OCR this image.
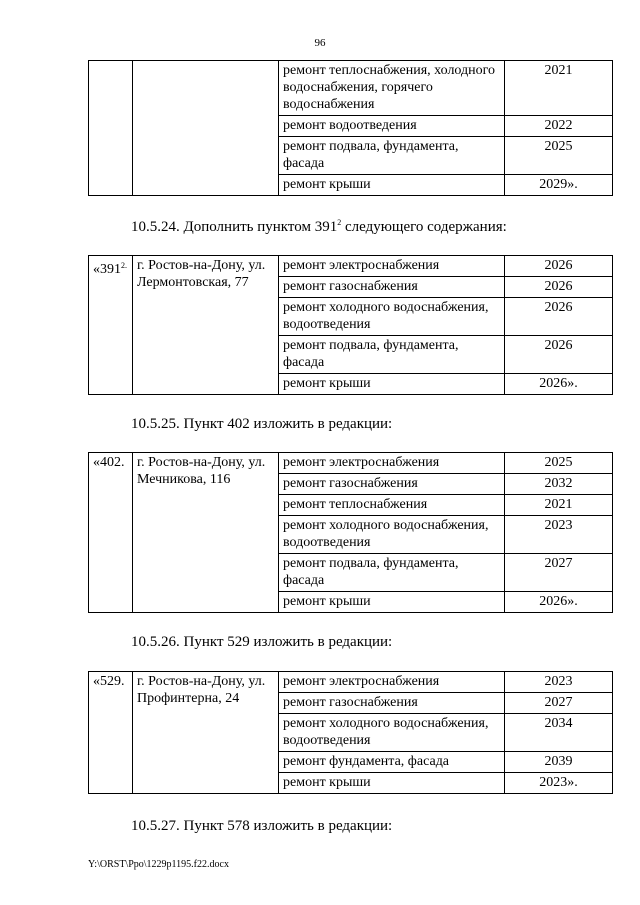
96
		ремонт теплоснабжения, холодного водоснабжения, горячего водоснабжения	2021
		ремонт водоотведения	2022
		ремонт подвала, фундамента, фасада	2025
		ремонт крыши	2029».
10.5.24. Дополнить пунктом $391^2$ следующего содержания:
«$391^{2.}$	г. Ростов-на-Дону, ул. Лермонтовская, 77	ремонт электроснабжения	2026
		ремонт газоснабжения	2026
		ремонт холодного водоснабжения, водоотведения	2026
		ремонт подвала, фундамента, фасада	2026
		ремонт крыши	2026».
10.5.25. Пункт 402 изложить в редакции:
«402.	г. Ростов-на-Дону, ул. Мечникова, 116	ремонт электроснабжения	2025
		ремонт газоснабжения	2032
		ремонт теплоснабжения	2021
		ремонт холодного водоснабжения, водоотведения	2023
		ремонт подвала, фундамента, фасада	2027
		ремонт крыши	2026».
10.5.26. Пункт 529 изложить в редакции:
«529.	г. Ростов-на-Дону, ул. Профинтерна, 24	ремонт электроснабжения	2023
		ремонт газоснабжения	2027
		ремонт холодного водоснабжения, водоотведения	2034
		ремонт фундамента, фасада	2039
		ремонт крыши	2023».
10.5.27. Пункт 578 изложить в редакции:
Y:\ORST\Ppo\1229p1195.f22.docx
